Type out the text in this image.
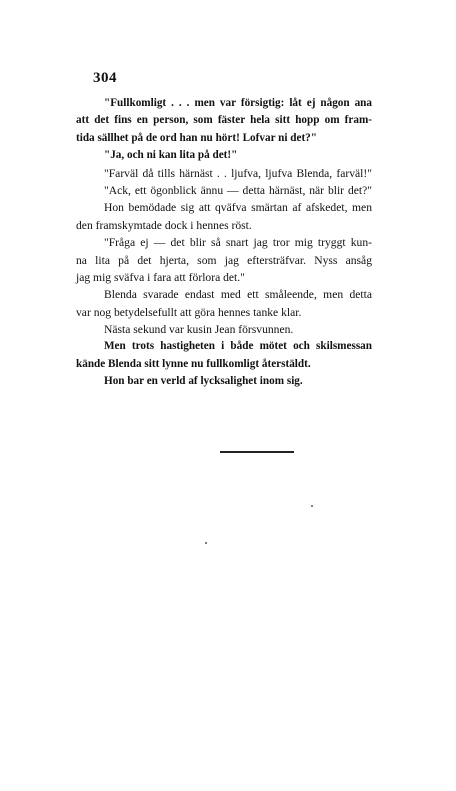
304
"Fullkomligt . . . men var försigtig: låt ej någon ana
att det fins en person, som fäster hela sitt hopp om fram-
tida sällhet på de ord han nu hört! Lofvar ni det?"
"Ja, och ni kan lita på det!"
"Farväl då tills härnäst . . ljufva, ljufva Blenda, farväl!"
"Ack, ett ögonblick ännu — detta härnäst, när blir det?"
Hon bemödade sig att qväfva smärtan af afskedet, men
den framskymtade dock i hennes röst.
"Fråga ej — det blir så snart jag tror mig tryggt kun-
na lita på det hjerta, som jag eftersträfvar. Nyss ansåg
jag mig sväfva i fara att förlora det."
Blenda svarade endast med ett småleende, men detta
var nog betydelsefullt att göra hennes tanke klar.
Nästa sekund var kusin Jean försvunnen.
Men trots hastigheten i både mötet och skilsmessan
kände Blenda sitt lynne nu fullkomligt återstäldt.
Hon bar en verld af lycksalighet inom sig.
